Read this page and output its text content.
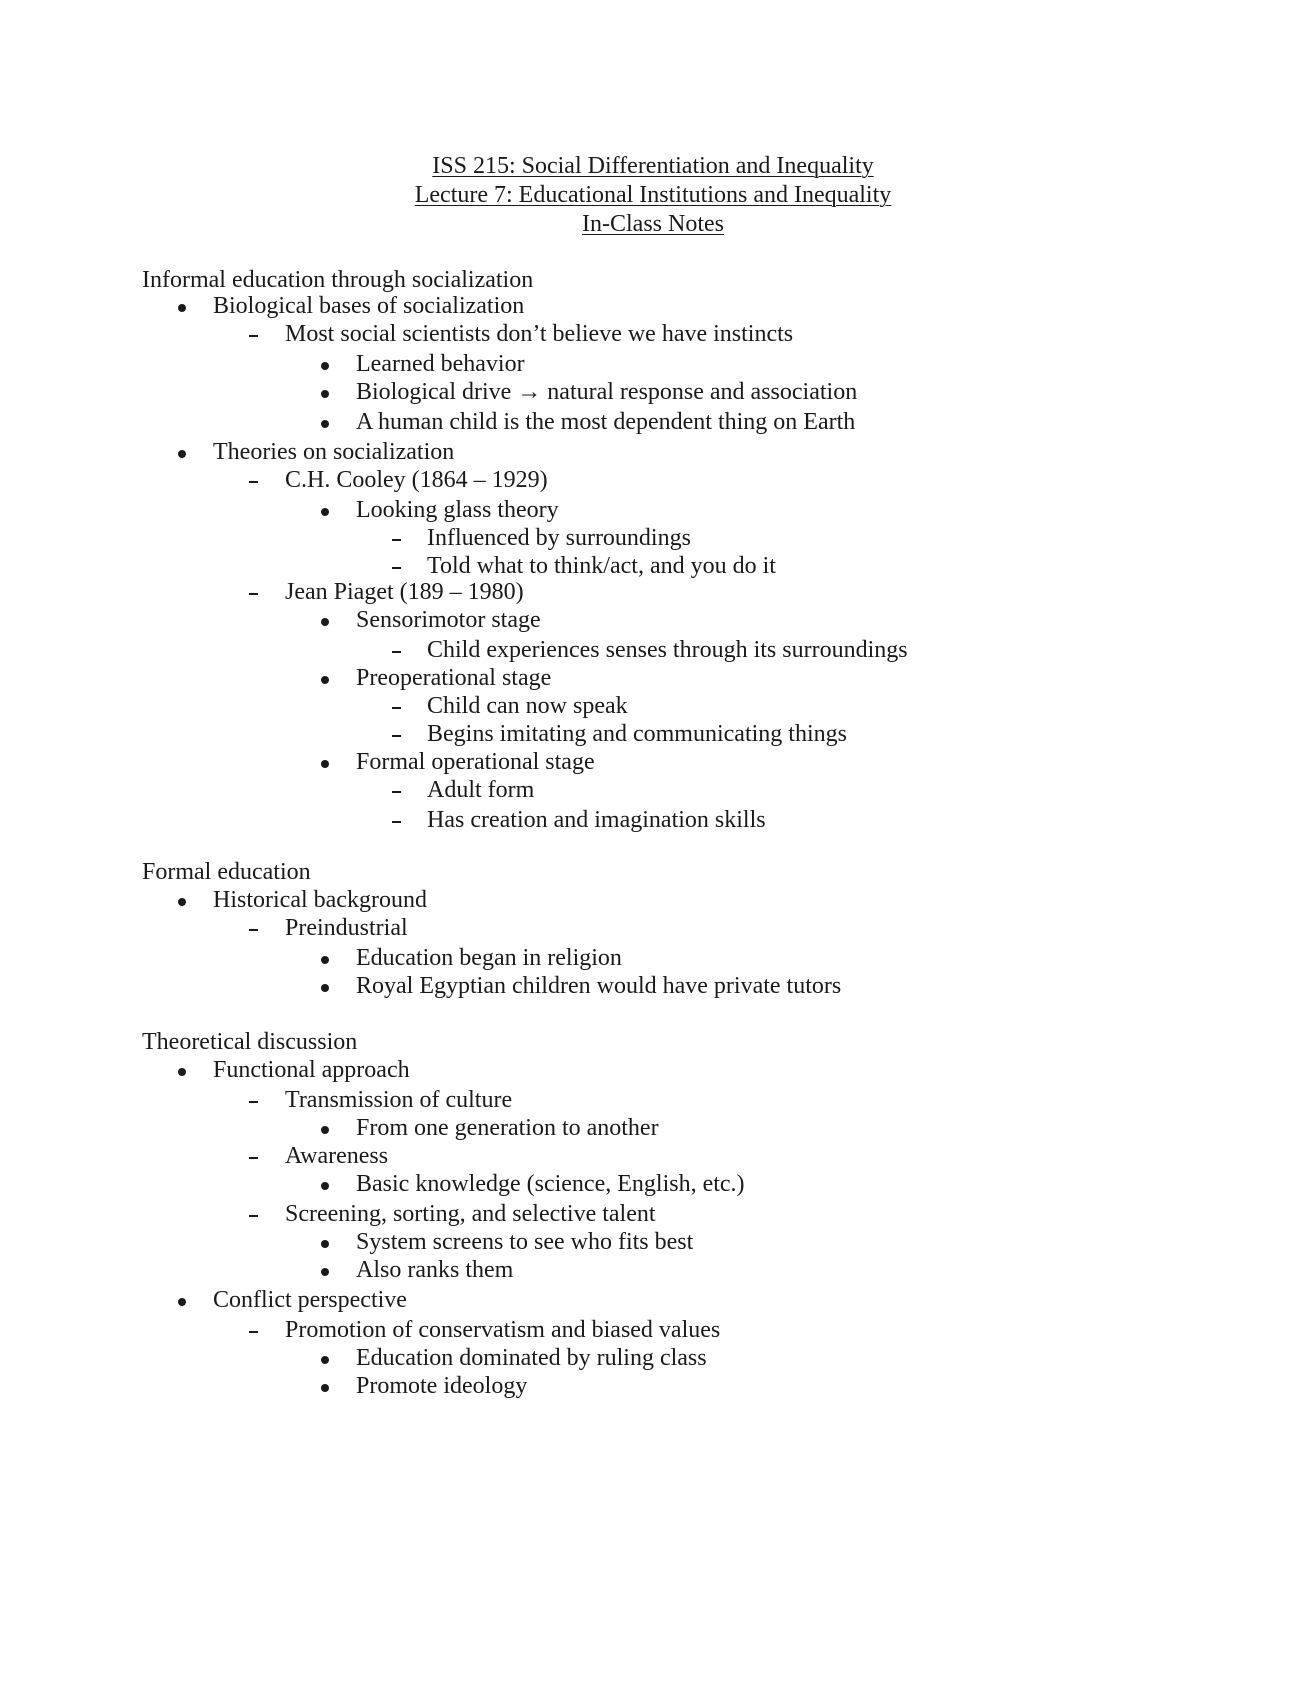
ISS 215: Social Differentiation and Inequality
Lecture 7: Educational Institutions and Inequality
In-Class Notes
Informal education through socialization
Biological bases of socialization
Most social scientists don’t believe we have instincts
Learned behavior
Biological drive → natural response and association
A human child is the most dependent thing on Earth
Theories on socialization
C.H. Cooley (1864 – 1929)
Looking glass theory
Influenced by surroundings
Told what to think/act, and you do it
Jean Piaget (189 – 1980)
Sensorimotor stage
Child experiences senses through its surroundings
Preoperational stage
Child can now speak
Begins imitating and communicating things
Formal operational stage
Adult form
Has creation and imagination skills
Formal education
Historical background
Preindustrial
Education began in religion
Royal Egyptian children would have private tutors
Theoretical discussion
Functional approach
Transmission of culture
From one generation to another
Awareness
Basic knowledge (science, English, etc.)
Screening, sorting, and selective talent
System screens to see who fits best
Also ranks them
Conflict perspective
Promotion of conservatism and biased values
Education dominated by ruling class
Promote ideology
